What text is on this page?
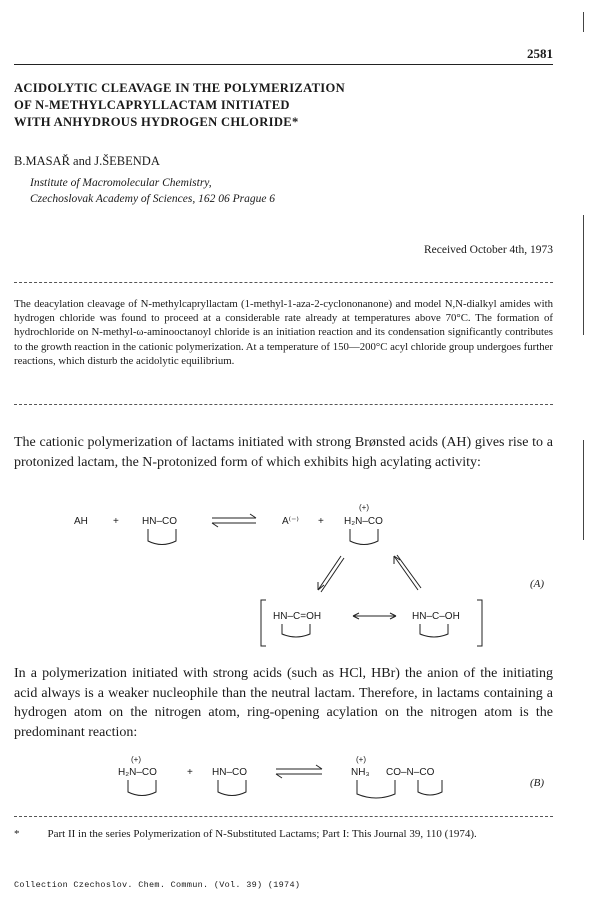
2581
ACIDOLYTIC CLEAVAGE IN THE POLYMERIZATION
OF N-METHYLCAPRYLLACTAM INITIATED
WITH ANHYDROUS HYDROGEN CHLORIDE*
B.MASAŘ and J.ŠEBENDA
Institute of Macromolecular Chemistry,
Czechoslovak Academy of Sciences, 162 06 Prague 6
Received October 4th, 1973
The deacylation cleavage of N-methylcapryllactam (1-methyl-1-aza-2-cyclononanone) and model N,N-dialkyl amides with hydrogen chloride was found to proceed at a considerable rate already at temperatures above 70°C. The formation of hydrochloride on N-methyl-ω-aminooctanoyl chloride is an initiation reaction and its condensation significantly contributes to the growth reaction in the cationic polymerization. At a temperature of 150—200°C acyl chloride group undergoes further reactions, which disturb the acidolytic equilibrium.
The cationic polymerization of lactams initiated with strong Brønsted acids (AH) gives rise to a protonized lactam, the N-protonized form of which exhibits high acylating activity:
AH	+ HN–CO	A⁽⁻⁾ +
(+)
H₂N–CO
HN–C=OH	HN–C–OH
(A)
In a polymerization initiated with strong acids (such as HCl, HBr) the anion of the initiating acid always is a weaker nucleophile than the neutral lactam. Therefore, in lactams containing a hydrogen atom on the nitrogen atom, ring-opening acylation on the nitrogen atom is the predominant reaction:
(+)
H₂N–CO	+ HN–CO
(+)
NH₃ CO–N–CO
(B)
*	Part II in the series Polymerization of N-Substituted Lactams; Part I: This Journal 39, 110 (1974).
Collection Czechoslov. Chem. Commun. (Vol. 39) (1974)
